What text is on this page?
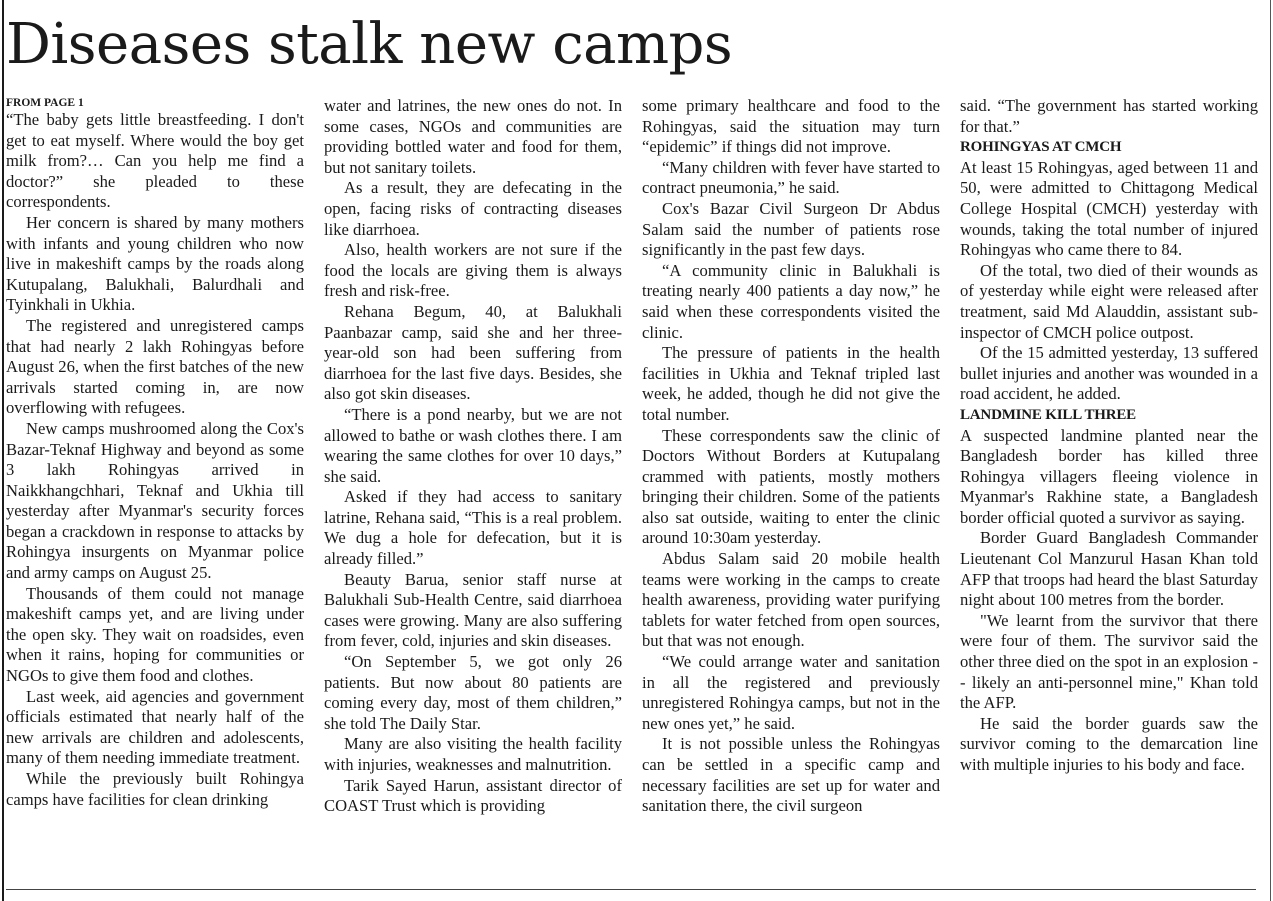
Diseases stalk new camps
FROM PAGE 1

“The baby gets little breastfeeding. I don't get to eat myself. Where would the boy get milk from?… Can you help me find a doctor?” she pleaded to these correspondents.

Her concern is shared by many mothers with infants and young children who now live in makeshift camps by the roads along Kutupalang, Balukhali, Balurdhali and Tyinkhali in Ukhia.

The registered and unregistered camps that had nearly 2 lakh Rohingyas before August 26, when the first batches of the new arrivals started coming in, are now overflowing with refugees.

New camps mushroomed along the Cox's Bazar-Teknaf Highway and beyond as some 3 lakh Rohingyas arrived in Naikkhangchhari, Teknaf and Ukhia till yesterday after Myanmar's security forces began a crackdown in response to attacks by Rohingya insurgents on Myanmar police and army camps on August 25.

Thousands of them could not manage makeshift camps yet, and are living under the open sky. They wait on roadsides, even when it rains, hoping for communities or NGOs to give them food and clothes.

Last week, aid agencies and government officials estimated that nearly half of the new arrivals are children and adolescents, many of them needing immediate treatment.

While the previously built Rohingya camps have facilities for clean drinking

water and latrines, the new ones do not. In some cases, NGOs and communities are providing bottled water and food for them, but not sanitary toilets.

As a result, they are defecating in the open, facing risks of contracting diseases like diarrhoea.

Also, health workers are not sure if the food the locals are giving them is always fresh and risk-free.

Rehana Begum, 40, at Balukhali Paanbazar camp, said she and her three-year-old son had been suffering from diarrhoea for the last five days. Besides, she also got skin diseases.

“There is a pond nearby, but we are not allowed to bathe or wash clothes there. I am wearing the same clothes for over 10 days,” she said.

Asked if they had access to sanitary latrine, Rehana said, “This is a real problem. We dug a hole for defecation, but it is already filled.”

Beauty Barua, senior staff nurse at Balukhali Sub-Health Centre, said diarrhoea cases were growing. Many are also suffering from fever, cold, injuries and skin diseases.

“On September 5, we got only 26 patients. But now about 80 patients are coming every day, most of them children,” she told The Daily Star.

Many are also visiting the health facility with injuries, weaknesses and malnutrition.

Tarik Sayed Harun, assistant director of COAST Trust which is providing

some primary healthcare and food to the Rohingyas, said the situation may turn “epidemic” if things did not improve.

“Many children with fever have started to contract pneumonia,” he said.

Cox's Bazar Civil Surgeon Dr Abdus Salam said the number of patients rose significantly in the past few days.

“A community clinic in Balukhali is treating nearly 400 patients a day now,” he said when these correspondents visited the clinic.

The pressure of patients in the health facilities in Ukhia and Teknaf tripled last week, he added, though he did not give the total number.

These correspondents saw the clinic of Doctors Without Borders at Kutupalang crammed with patients, mostly mothers bringing their children. Some of the patients also sat outside, waiting to enter the clinic around 10:30am yesterday.

Abdus Salam said 20 mobile health teams were working in the camps to create health awareness, providing water purifying tablets for water fetched from open sources, but that was not enough.

“We could arrange water and sanitation in all the registered and previously unregistered Rohingya camps, but not in the new ones yet,” he said.

It is not possible unless the Rohingyas can be settled in a specific camp and necessary facilities are set up for water and sanitation there, the civil surgeon

said. “The government has started working for that.”

ROHINGYAS AT CMCH

At least 15 Rohingyas, aged between 11 and 50, were admitted to Chittagong Medical College Hospital (CMCH) yesterday with wounds, taking the total number of injured Rohingyas who came there to 84.

Of the total, two died of their wounds as of yesterday while eight were released after treatment, said Md Alauddin, assistant sub-inspector of CMCH police outpost.

Of the 15 admitted yesterday, 13 suffered bullet injuries and another was wounded in a road accident, he added.

LANDMINE KILL THREE

A suspected landmine planted near the Bangladesh border has killed three Rohingya villagers fleeing violence in Myanmar's Rakhine state, a Bangladesh border official quoted a survivor as saying.

Border Guard Bangladesh Commander Lieutenant Col Manzurul Hasan Khan told AFP that troops had heard the blast Saturday night about 100 metres from the border.

"We learnt from the survivor that there were four of them. The survivor said the other three died on the spot in an explosion -- likely an anti-personnel mine," Khan told the AFP.

He said the border guards saw the survivor coming to the demarcation line with multiple injuries to his body and face.
